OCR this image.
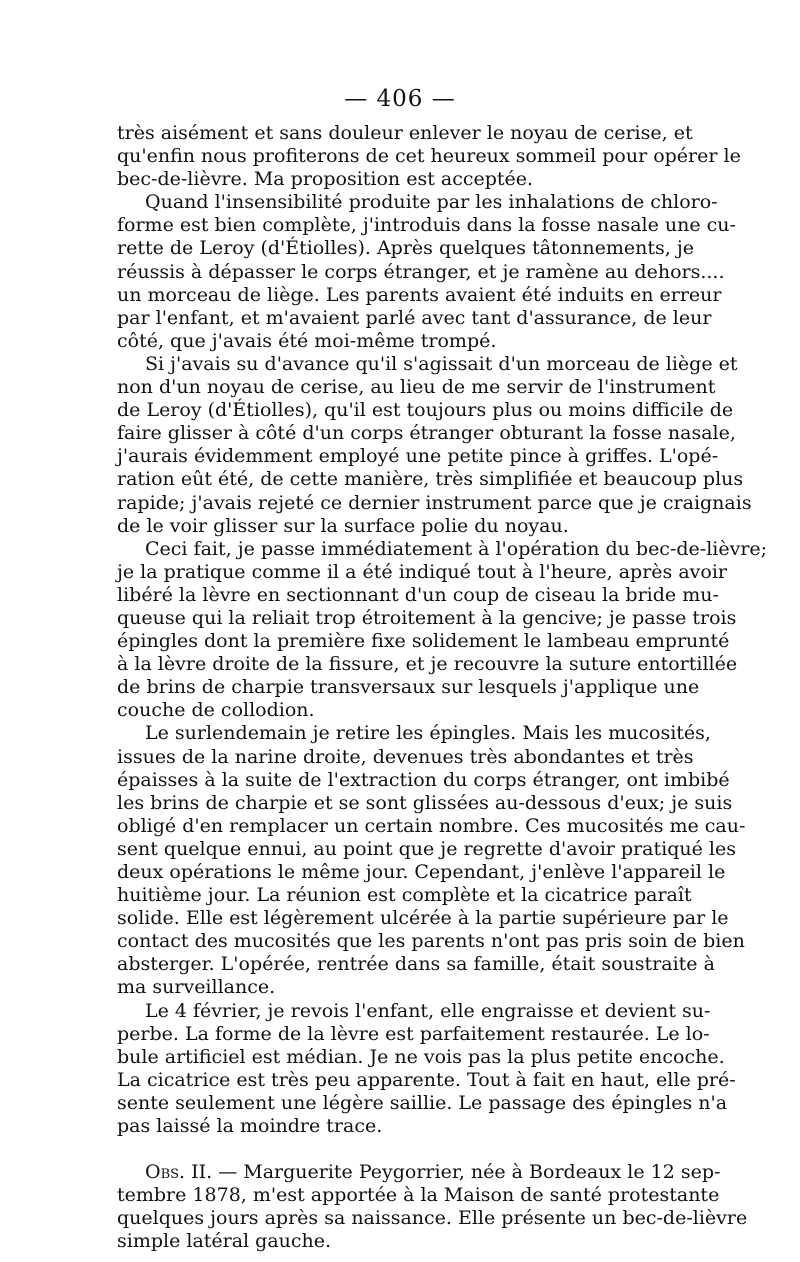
— 406 —
très aisément et sans douleur enlever le noyau de cerise, et
qu'enfin nous profiterons de cet heureux sommeil pour opérer le
bec-de-lièvre. Ma proposition est acceptée.
Quand l'insensibilité produite par les inhalations de chloro-
forme est bien complète, j'introduis dans la fosse nasale une cu-
rette de Leroy (d'Étiolles). Après quelques tâtonnements, je
réussis à dépasser le corps étranger, et je ramène au dehors....
un morceau de liège. Les parents avaient été induits en erreur
par l'enfant, et m'avaient parlé avec tant d'assurance, de leur
côté, que j'avais été moi-même trompé.
Si j'avais su d'avance qu'il s'agissait d'un morceau de liège et
non d'un noyau de cerise, au lieu de me servir de l'instrument
de Leroy (d'Étiolles), qu'il est toujours plus ou moins difficile de
faire glisser à côté d'un corps étranger obturant la fosse nasale,
j'aurais évidemment employé une petite pince à griffes. L'opé-
ration eût été, de cette manière, très simplifiée et beaucoup plus
rapide; j'avais rejeté ce dernier instrument parce que je craignais
de le voir glisser sur la surface polie du noyau.
Ceci fait, je passe immédiatement à l'opération du bec-de-lièvre;
je la pratique comme il a été indiqué tout à l'heure, après avoir
libéré la lèvre en sectionnant d'un coup de ciseau la bride mu-
queuse qui la reliait trop étroitement à la gencive; je passe trois
épingles dont la première fixe solidement le lambeau emprunté
à la lèvre droite de la fissure, et je recouvre la suture entortillée
de brins de charpie transversaux sur lesquels j'applique une
couche de collodion.
Le surlendemain je retire les épingles. Mais les mucosités,
issues de la narine droite, devenues très abondantes et très
épaisses à la suite de l'extraction du corps étranger, ont imbibé
les brins de charpie et se sont glissées au-dessous d'eux; je suis
obligé d'en remplacer un certain nombre. Ces mucosités me cau-
sent quelque ennui, au point que je regrette d'avoir pratiqué les
deux opérations le même jour. Cependant, j'enlève l'appareil le
huitième jour. La réunion est complète et la cicatrice paraît
solide. Elle est légèrement ulcérée à la partie supérieure par le
contact des mucosités que les parents n'ont pas pris soin de bien
absterger. L'opérée, rentrée dans sa famille, était soustraite à
ma surveillance.
Le 4 février, je revois l'enfant, elle engraisse et devient su-
perbe. La forme de la lèvre est parfaitement restaurée. Le lo-
bule artificiel est médian. Je ne vois pas la plus petite encoche.
La cicatrice est très peu apparente. Tout à fait en haut, elle pré-
sente seulement une légère saillie. Le passage des épingles n'a
pas laissé la moindre trace.
Obs. II. — Marguerite Peygorrier, née à Bordeaux le 12 sep-
tembre 1878, m'est apportée à la Maison de santé protestante
quelques jours après sa naissance. Elle présente un bec-de-lièvre
simple latéral gauche.
